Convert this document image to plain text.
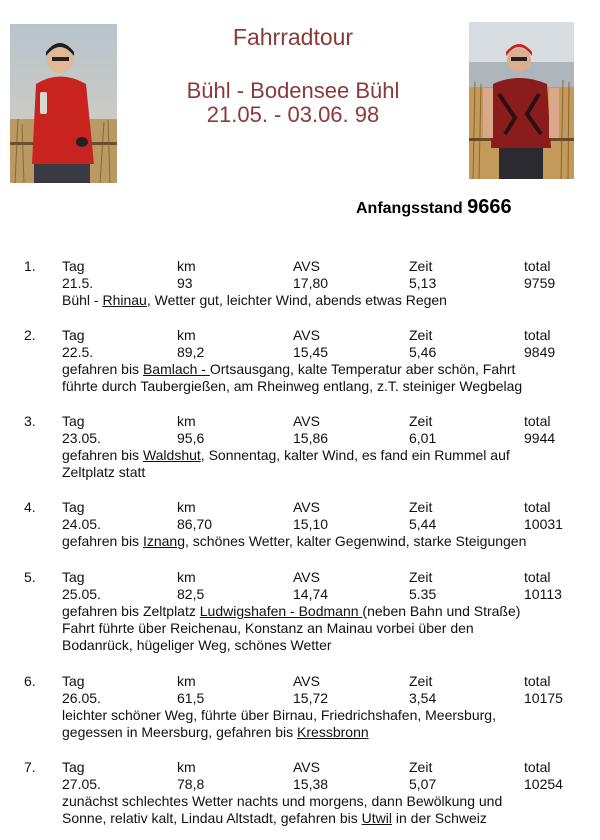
Fahrradtour
Bühl - Bodensee Bühl
21.05. - 03.06. 98
Anfangsstand 9666
1. Tag	km	AVS	Zeit	total
21.5.	93	17,80	5,13	9759
Bühl - Rhinau, Wetter gut, leichter Wind, abends etwas Regen
2. Tag	km	AVS	Zeit	total
22.5.	89,2	15,45	5,46	9849
gefahren bis Bamlach - Ortsausgang, kalte Temperatur aber schön, Fahrt
führte durch Taubergießen, am Rheinweg entlang, z.T. steiniger Wegbelag
3. Tag	km	AVS	Zeit	total
23.05.	95,6	15,86	6,01	9944
gefahren bis Waldshut, Sonnentag, kalter Wind, es fand ein Rummel auf
Zeltplatz statt
4. Tag	km	AVS	Zeit	total
24.05.	86,70	15,10	5,44	10031
gefahren bis Iznang, schönes Wetter, kalter Gegenwind, starke Steigungen
5. Tag	km	AVS	Zeit	total
25.05.	82,5	14,74	5.35	10113
gefahren bis Zeltplatz Ludwigshafen - Bodmann (neben Bahn und Straße)
Fahrt führte über Reichenau, Konstanz an Mainau vorbei über den
Bodanrück, hügeliger Weg, schönes Wetter
6. Tag	km	AVS	Zeit	total
26.05.	61,5	15,72	3,54	10175
leichter schöner Weg, führte über Birnau, Friedrichshafen, Meersburg,
gegessen in Meersburg, gefahren bis Kressbronn
7. Tag	km	AVS	Zeit	total
27.05.	78,8	15,38	5,07	10254
zunächst schlechtes Wetter nachts und morgens, dann Bewölkung und
Sonne, relativ kalt, Lindau Altstadt, gefahren bis Utwil in der Schweiz
